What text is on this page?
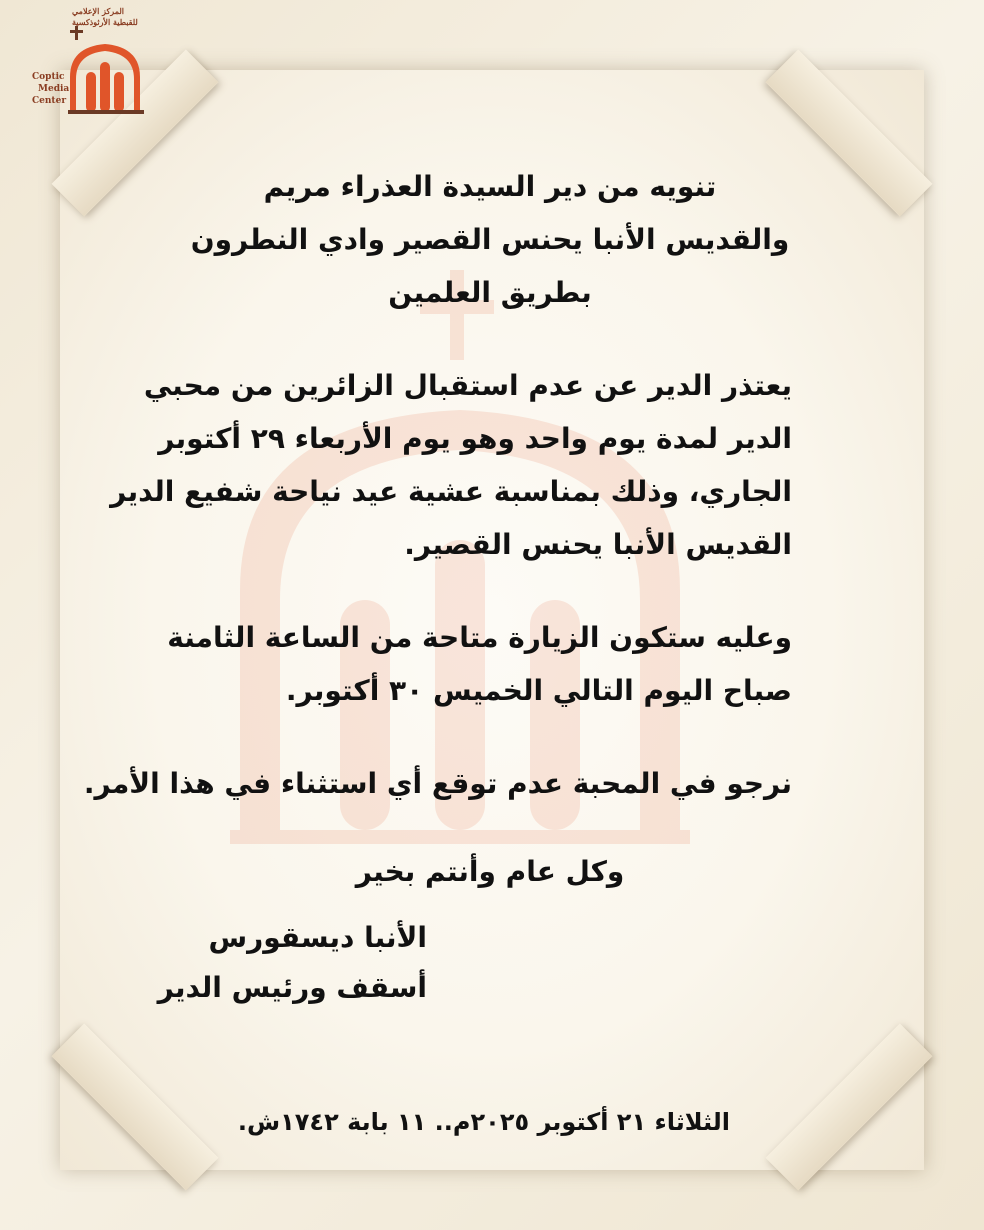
المركز الإعلامي
للقبطية الأرثوذكسية
Coptic
Media
Center
تنويه من دير السيدة العذراء مريم
والقديس الأنبا يحنس القصير وادي النطرون
بطريق العلمين
يعتذر الدير عن عدم استقبال الزائرين من محبي
الدير لمدة يوم واحد وهو يوم الأربعاء ٢٩ أكتوبر
الجاري، وذلك بمناسبة عشية عيد نياحة شفيع الدير
القديس الأنبا يحنس القصير.
وعليه ستكون الزيارة متاحة من الساعة الثامنة
صباح اليوم التالي الخميس ٣٠ أكتوبر.
نرجو في المحبة عدم توقع أي استثناء في هذا الأمر.
وكل عام وأنتم بخير
الأنبا ديسقورس
أسقف ورئيس الدير
الثلاثاء ٢١ أكتوبر ٢٠٢٥م.. ١١ بابة ١٧٤٢ش.
